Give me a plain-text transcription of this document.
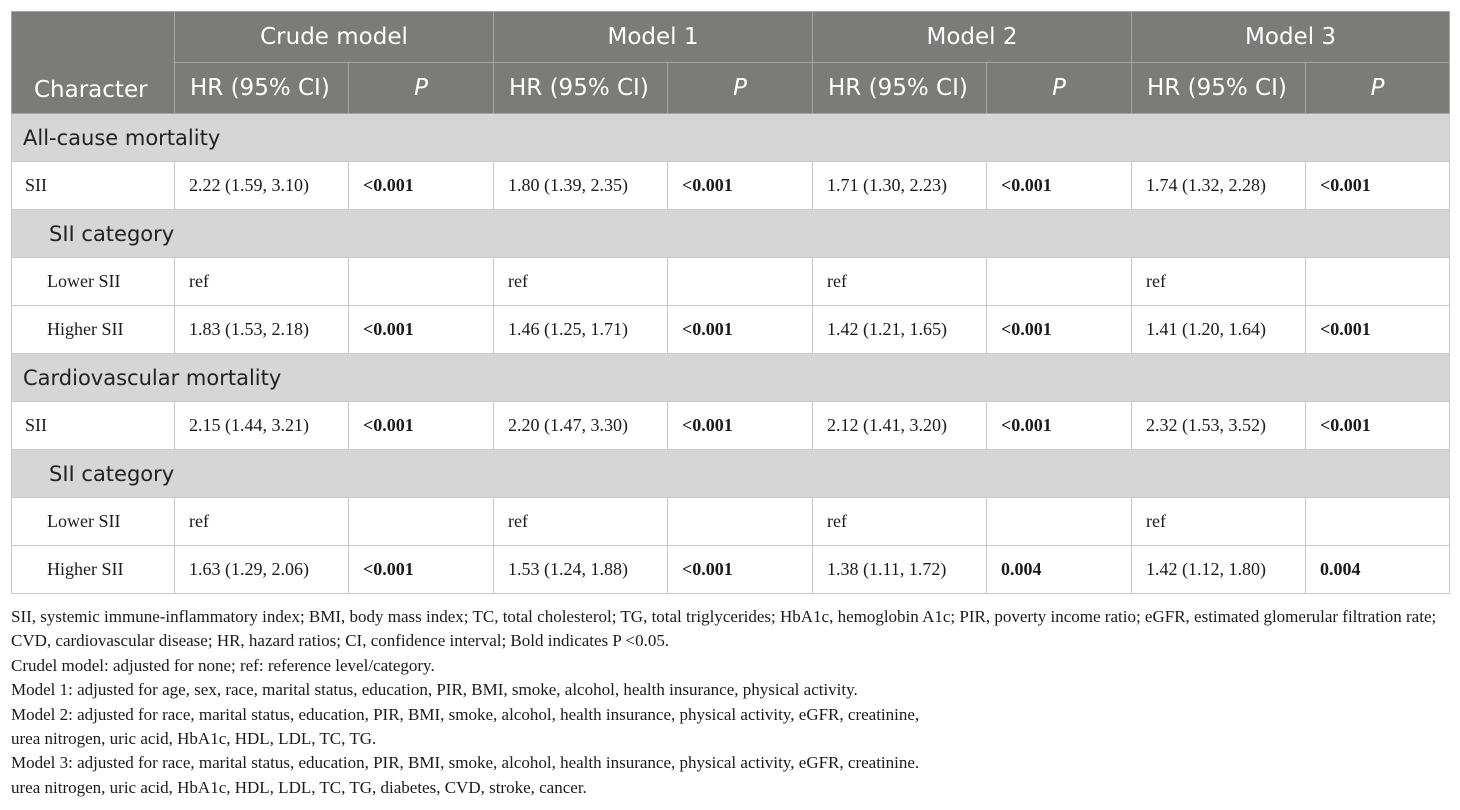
Character	Crude model		Model 1		Model 2		Model 3	
	HR (95% CI)	P	HR (95% CI)	P	HR (95% CI)	P	HR (95% CI)	P
All-cause mortality								
SII	2.22 (1.59, 3.10)	<0.001	1.80 (1.39, 2.35)	<0.001	1.71 (1.30, 2.23)	<0.001	1.74 (1.32, 2.28)	<0.001
SII category								
Lower SII	ref		ref		ref		ref	
Higher SII	1.83 (1.53, 2.18)	<0.001	1.46 (1.25, 1.71)	<0.001	1.42 (1.21, 1.65)	<0.001	1.41 (1.20, 1.64)	<0.001
Cardiovascular mortality								
SII	2.15 (1.44, 3.21)	<0.001	2.20 (1.47, 3.30)	<0.001	2.12 (1.41, 3.20)	<0.001	2.32 (1.53, 3.52)	<0.001
SII category								
Lower SII	ref		ref		ref		ref	
Higher SII	1.63 (1.29, 2.06)	<0.001	1.53 (1.24, 1.88)	<0.001	1.38 (1.11, 1.72)	0.004	1.42 (1.12, 1.80)	0.004

SII, systemic immune-inflammatory index; BMI, body mass index; TC, total cholesterol; TG, total triglycerides; HbA1c, hemoglobin A1c; PIR, poverty income ratio; eGFR, estimated glomerular filtration rate; CVD, cardiovascular disease; HR, hazard ratios; CI, confidence interval; Bold indicates P <0.05.

Crudel model: adjusted for none; ref: reference level/category.

Model 1: adjusted for age, sex, race, marital status, education, PIR, BMI, smoke, alcohol, health insurance, physical activity.

Model 2: adjusted for race, marital status, education, PIR, BMI, smoke, alcohol, health insurance, physical activity, eGFR, creatinine,

urea nitrogen, uric acid, HbA1c, HDL, LDL, TC, TG.

Model 3: adjusted for race, marital status, education, PIR, BMI, smoke, alcohol, health insurance, physical activity, eGFR, creatinine.

urea nitrogen, uric acid, HbA1c, HDL, LDL, TC, TG, diabetes, CVD, stroke, cancer.
